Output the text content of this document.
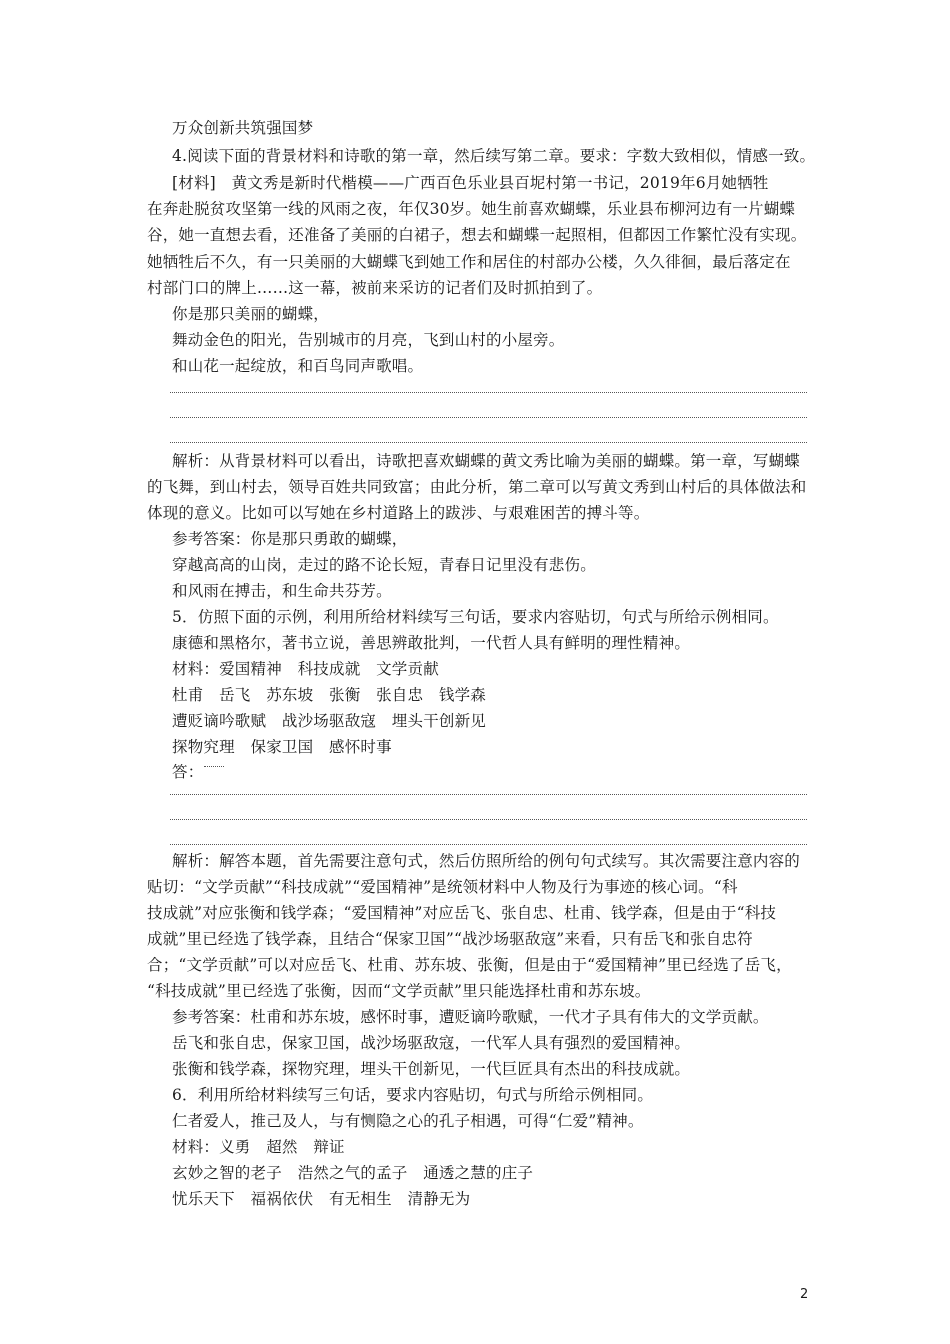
万众创新共筑强国梦
4.阅读下面的背景材料和诗歌的第一章，然后续写第二章。要求：字数大致相似，情感一致。
[材料]　黄文秀是新时代楷模——广西百色乐业县百坭村第一书记，2019年6月她牺牲
在奔赴脱贫攻坚第一线的风雨之夜，年仅30岁。她生前喜欢蝴蝶，乐业县布柳河边有一片蝴蝶
谷，她一直想去看，还准备了美丽的白裙子，想去和蝴蝶一起照相，但都因工作繁忙没有实现。
她牺牲后不久，有一只美丽的大蝴蝶飞到她工作和居住的村部办公楼，久久徘徊，最后落定在
村部门口的牌上……这一幕，被前来采访的记者们及时抓拍到了。
你是那只美丽的蝴蝶，
舞动金色的阳光，告别城市的月亮，飞到山村的小屋旁。
和山花一起绽放，和百鸟同声歌唱。
解析：从背景材料可以看出，诗歌把喜欢蝴蝶的黄文秀比喻为美丽的蝴蝶。第一章，写蝴蝶
的飞舞，到山村去，领导百姓共同致富；由此分析，第二章可以写黄文秀到山村后的具体做法和
体现的意义。比如可以写她在乡村道路上的跋涉、与艰难困苦的搏斗等。
参考答案：你是那只勇敢的蝴蝶，
穿越高高的山岗，走过的路不论长短，青春日记里没有悲伤。
和风雨在搏击，和生命共芬芳。
5．仿照下面的示例，利用所给材料续写三句话，要求内容贴切，句式与所给示例相同。
康德和黑格尔，著书立说，善思辨敢批判，一代哲人具有鲜明的理性精神。
材料：爱国精神　科技成就　文学贡献
杜甫　岳飞　苏东坡　张衡　张自忠　钱学森
遭贬谪吟歌赋　战沙场驱敌寇　埋头干创新见
探物究理　保家卫国　感怀时事
答：
解析：解答本题，首先需要注意句式，然后仿照所给的例句句式续写。其次需要注意内容的
贴切：“文学贡献”“科技成就”“爱国精神”是统领材料中人物及行为事迹的核心词。“科
技成就”对应张衡和钱学森；“爱国精神”对应岳飞、张自忠、杜甫、钱学森，但是由于“科技
成就”里已经选了钱学森，且结合“保家卫国”“战沙场驱敌寇”来看，只有岳飞和张自忠符
合；“文学贡献”可以对应岳飞、杜甫、苏东坡、张衡，但是由于“爱国精神”里已经选了岳飞，
“科技成就”里已经选了张衡，因而“文学贡献”里只能选择杜甫和苏东坡。
参考答案：杜甫和苏东坡，感怀时事，遭贬谪吟歌赋，一代才子具有伟大的文学贡献。
岳飞和张自忠，保家卫国，战沙场驱敌寇，一代军人具有强烈的爱国精神。
张衡和钱学森，探物究理，埋头干创新见，一代巨匠具有杰出的科技成就。
6．利用所给材料续写三句话，要求内容贴切，句式与所给示例相同。
仁者爱人，推己及人，与有恻隐之心的孔子相遇，可得“仁爱”精神。
材料：义勇　超然　辩证
玄妙之智的老子　浩然之气的孟子　通透之慧的庄子
忧乐天下　福祸依伏　有无相生　清静无为
2
